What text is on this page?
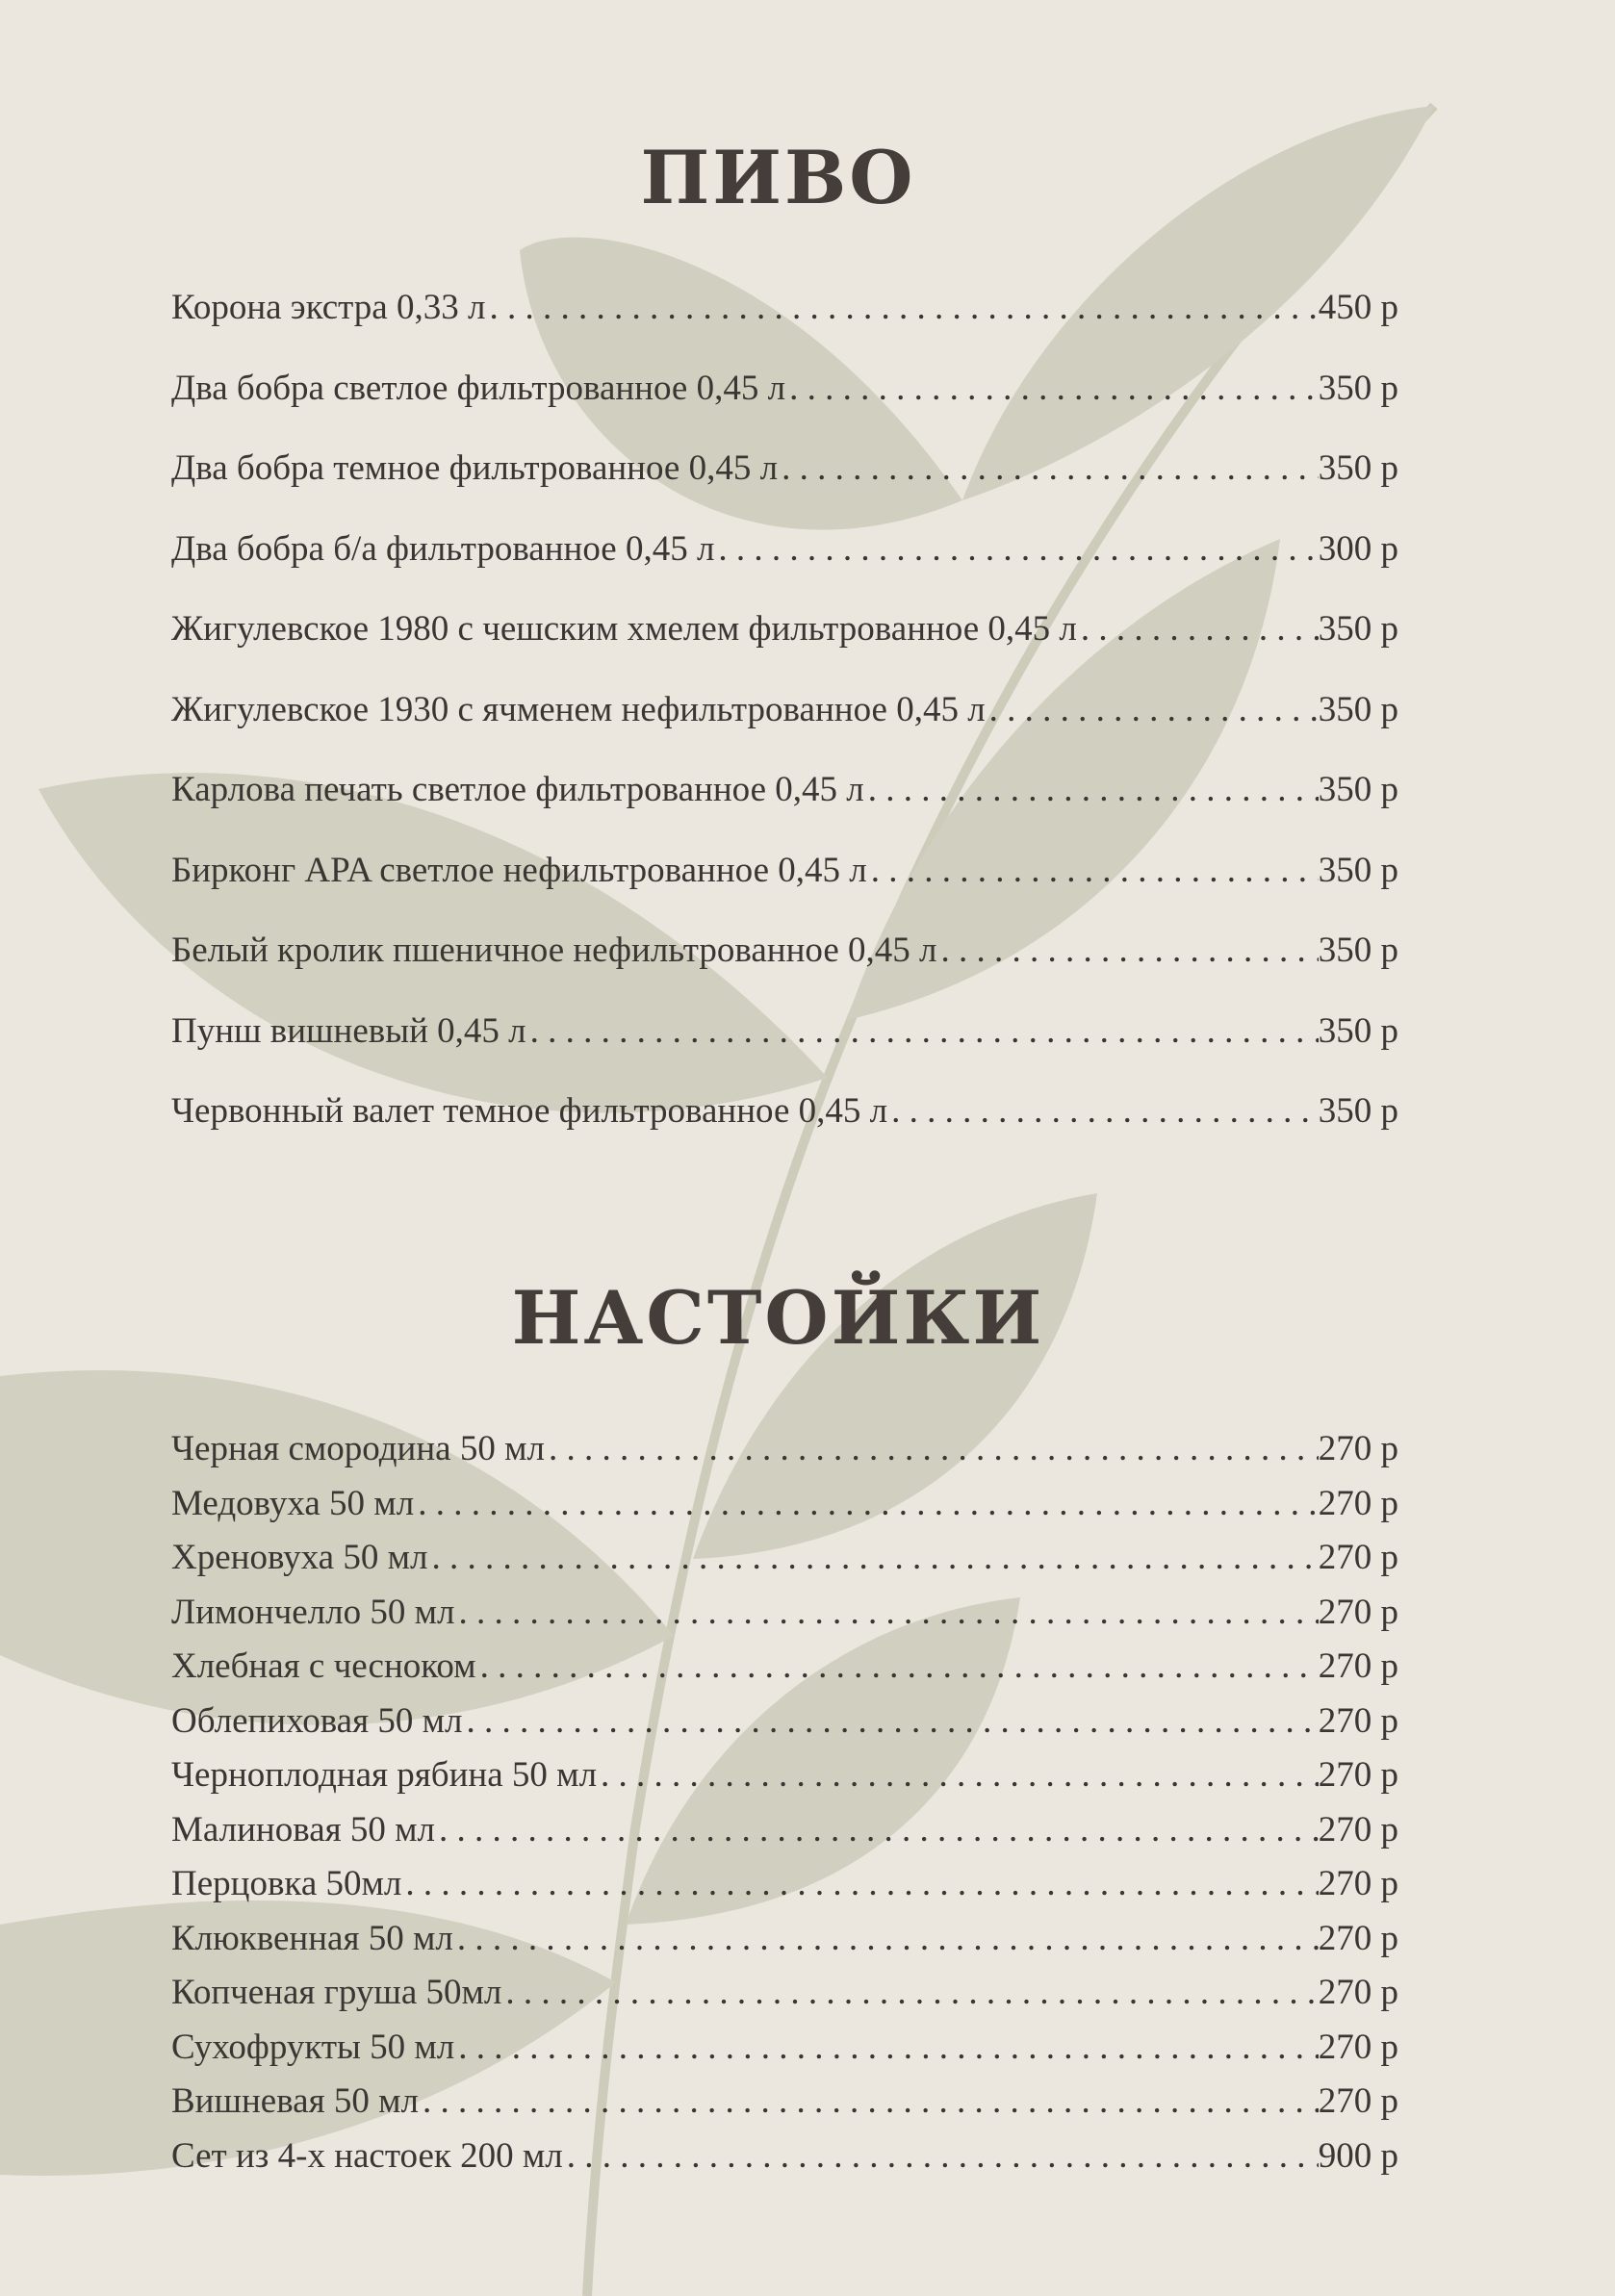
ПИВО
Корона экстра 0,33 л . . .	450 р
Два бобра светлое фильтрованное 0,45 л . . .	350 р
Два бобра темное фильтрованное 0,45 л . . .	350 р
Два бобра б/а фильтрованное 0,45 л . . .	300 р
Жигулевское 1980 с чешским хмелем фильтрованное 0,45 л . . .	350 р
Жигулевское 1930 с ячменем нефильтрованное 0,45 л . . .	350 р
Карлова печать светлое фильтрованное 0,45 л . . .	350 р
Бирконг APA светлое нефильтрованное 0,45 л . . .	350 р
Белый кролик пшеничное нефильтрованное 0,45 л . . .	350 р
Пунш вишневый 0,45 л . . .	350 р
Червонный валет темное фильтрованное 0,45 л . . .	350 р
НАСТОЙКИ
Черная смородина 50 мл . . .	270 р
Медовуха 50 мл . . .	270 р
Хреновуха 50 мл . . .	270 р
Лимончелло 50 мл . . .	270 р
Хлебная с чесноком . . .	270 р
Облепиховая 50 мл . . .	270 р
Черноплодная рябина 50 мл . . .	270 р
Малиновая 50 мл . . .	270 р
Перцовка 50мл . . .	270 р
Клюквенная 50 мл . . .	270 р
Копченая груша 50мл . . .	270 р
Сухофрукты 50 мл . . .	270 р
Вишневая 50 мл . . .	270 р
Сет из 4-х настоек 200 мл . . .	900 р
